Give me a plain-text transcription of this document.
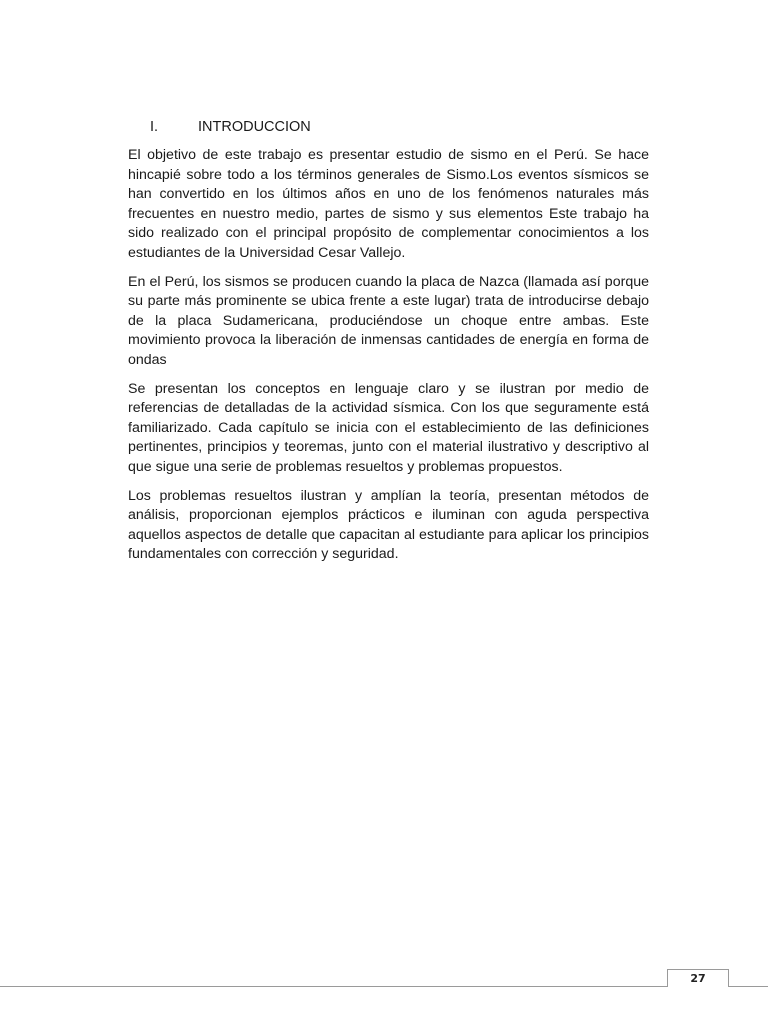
I.	INTRODUCCION

El objetivo de este trabajo es presentar estudio de sismo en el Perú. Se hace hincapié sobre todo a los términos generales de Sismo.Los eventos sísmicos se han convertido en los últimos años en uno de los fenómenos naturales más frecuentes en nuestro medio, partes de sismo y sus elementos Este trabajo ha sido realizado con el principal propósito de complementar conocimientos a los estudiantes de la Universidad Cesar Vallejo.

En el Perú, los sismos se producen cuando la placa de Nazca (llamada así porque su parte más prominente se ubica frente a este lugar) trata de introducirse debajo de la placa Sudamericana, produciéndose un choque entre ambas. Este movimiento provoca la liberación de inmensas cantidades de energía en forma de ondas

Se presentan los conceptos en lenguaje claro y se ilustran por medio de referencias de detalladas de la actividad sísmica. Con los que seguramente está familiarizado. Cada capítulo se inicia con el establecimiento de las definiciones pertinentes, principios y teoremas, junto con el material ilustrativo y descriptivo al que sigue una serie de problemas resueltos y problemas propuestos.

Los problemas resueltos ilustran y amplían la teoría, presentan métodos de análisis, proporcionan ejemplos prácticos e iluminan con aguda perspectiva aquellos aspectos de detalle que capacitan al estudiante para aplicar los principios fundamentales con corrección y seguridad.

27
